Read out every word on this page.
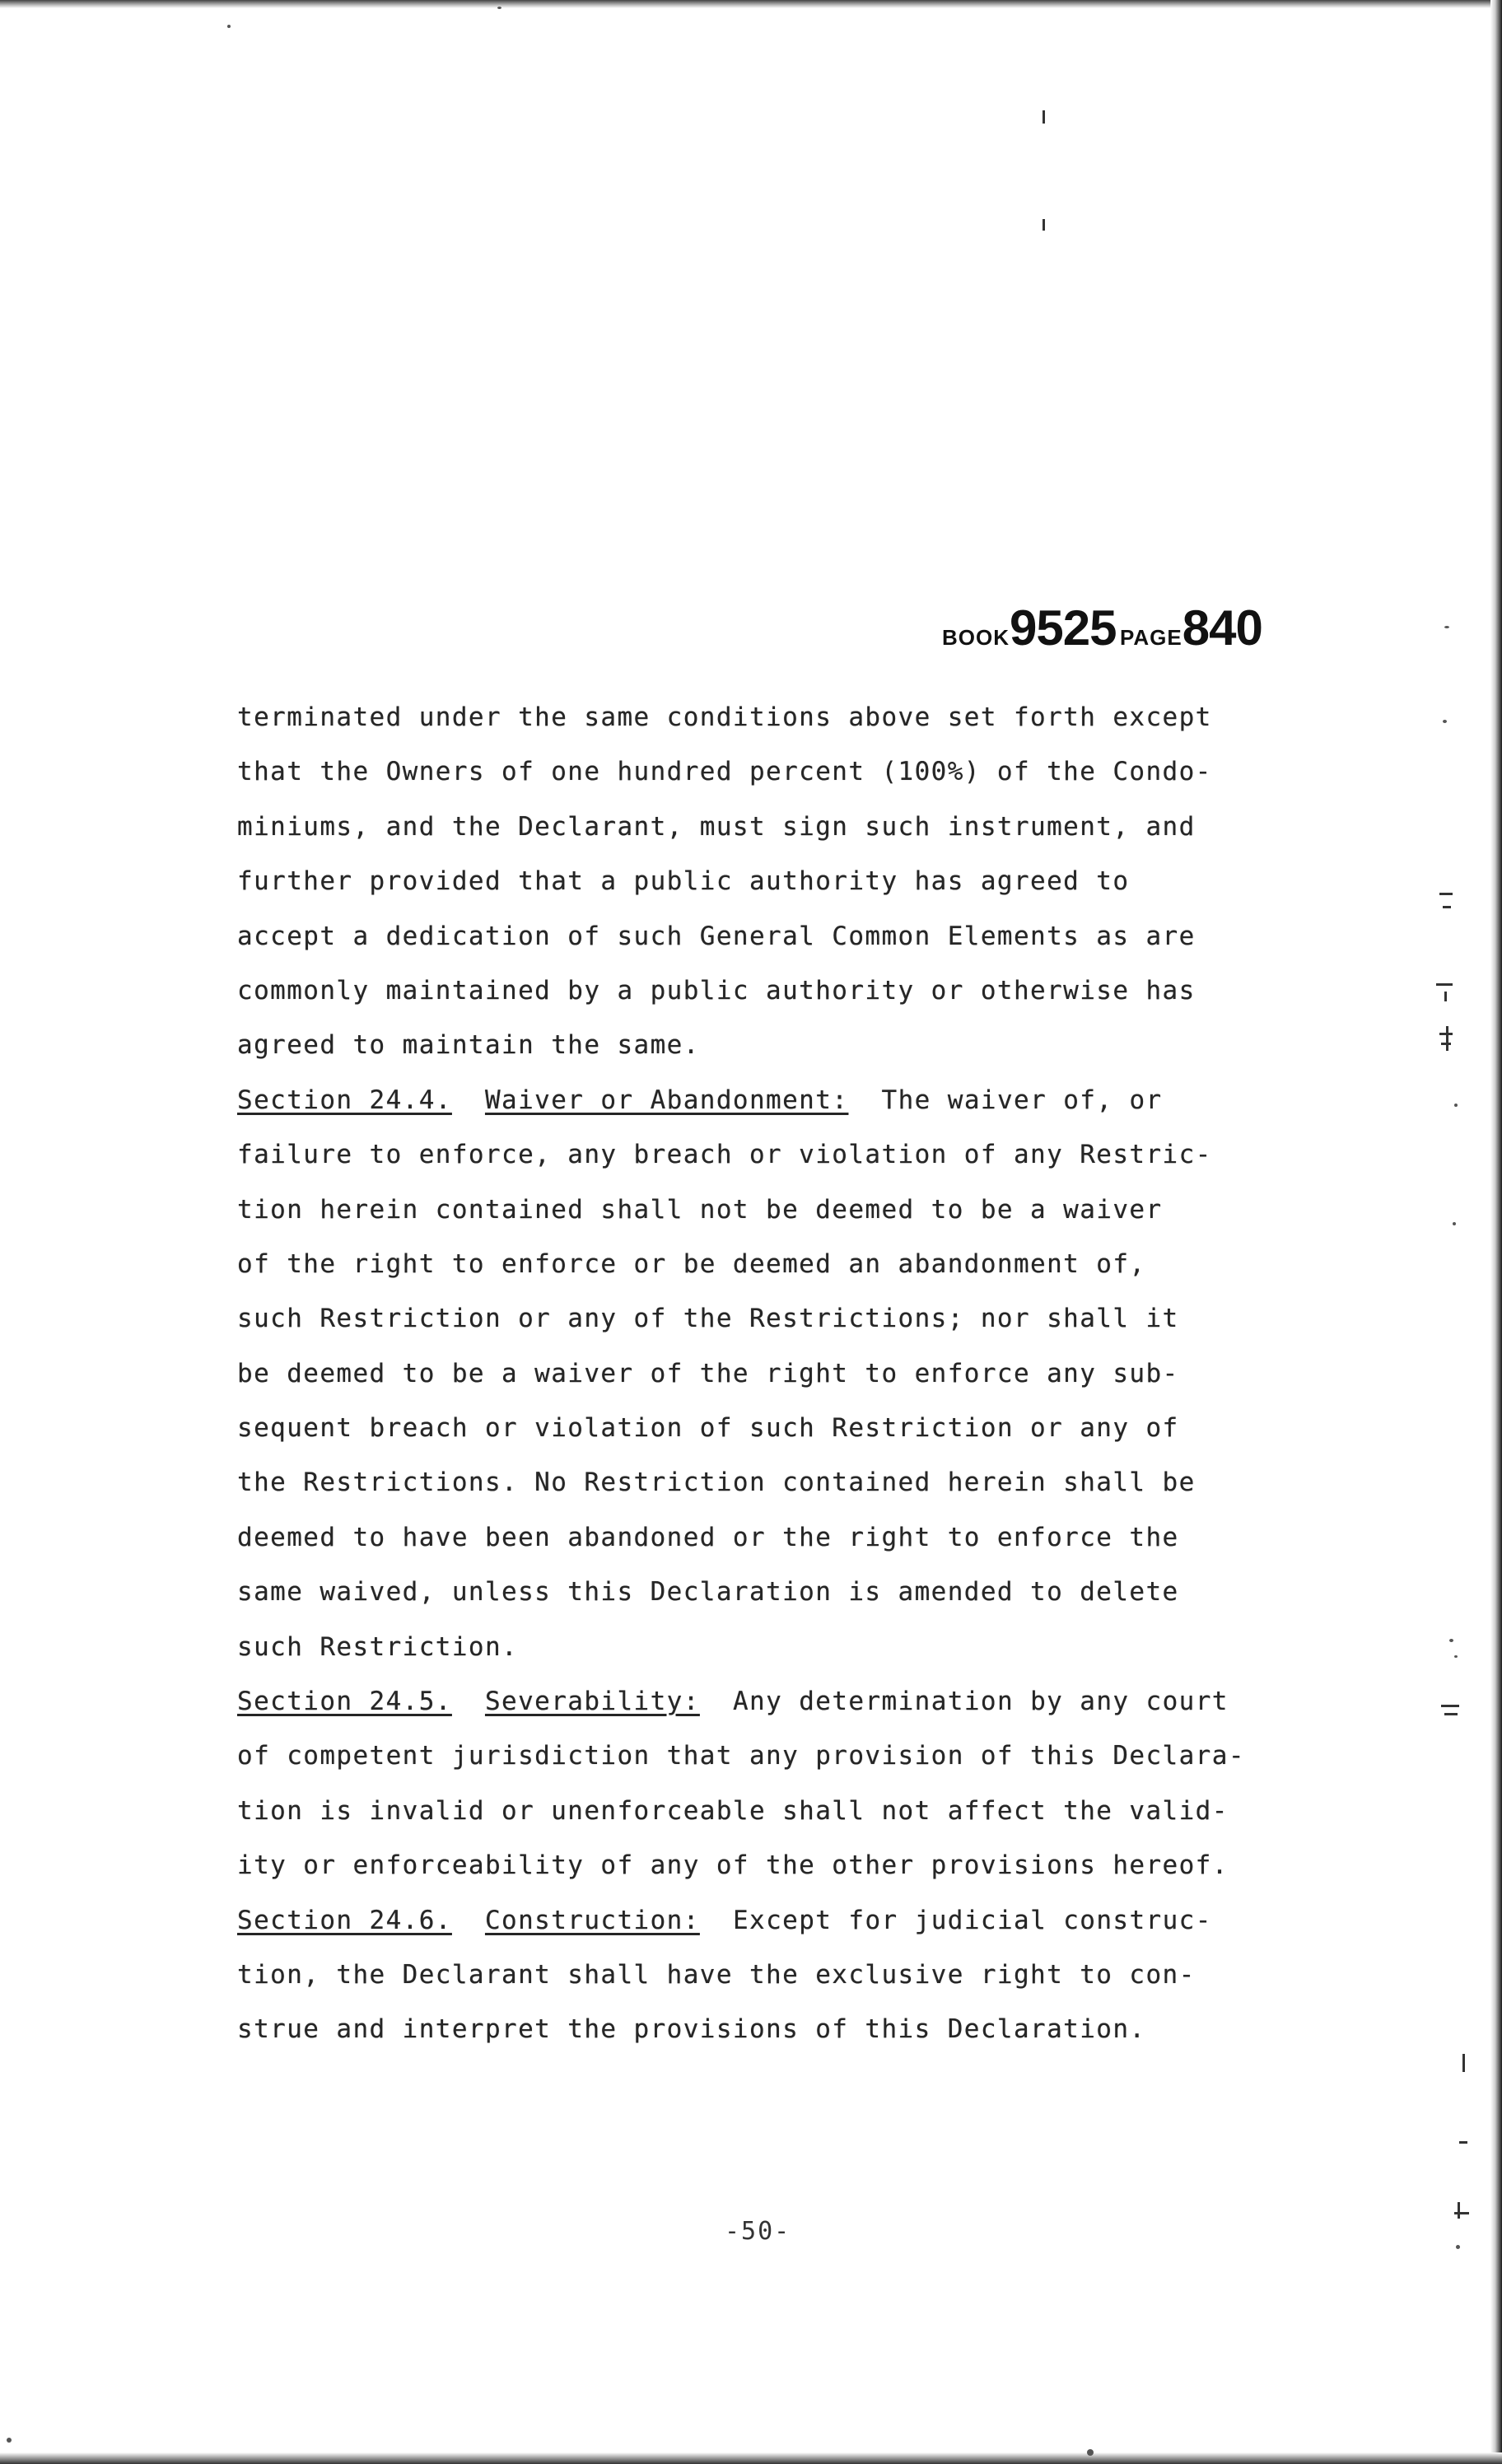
BOOK9525 PAGE840
terminated under the same conditions above set forth except
that the Owners of one hundred percent (100%) of the Condo-
miniums, and the Declarant, must sign such instrument, and
further provided that a public authority has agreed to
accept a dedication of such General Common Elements as are
commonly maintained by a public authority or otherwise has
agreed to maintain the same.
Section 24.4. Waiver or Abandonment: The waiver of, or
failure to enforce, any breach or violation of any Restric-
tion herein contained shall not be deemed to be a waiver
of the right to enforce or be deemed an abandonment of,
such Restriction or any of the Restrictions; nor shall it
be deemed to be a waiver of the right to enforce any sub-
sequent breach or violation of such Restriction or any of
the Restrictions. No Restriction contained herein shall be
deemed to have been abandoned or the right to enforce the
same waived, unless this Declaration is amended to delete
such Restriction.
Section 24.5. Severability: Any determination by any court
of competent jurisdiction that any provision of this Declara-
tion is invalid or unenforceable shall not affect the valid-
ity or enforceability of any of the other provisions hereof.
Section 24.6. Construction: Except for judicial construc-
tion, the Declarant shall have the exclusive right to con-
strue and interpret the provisions of this Declaration.
-50-
